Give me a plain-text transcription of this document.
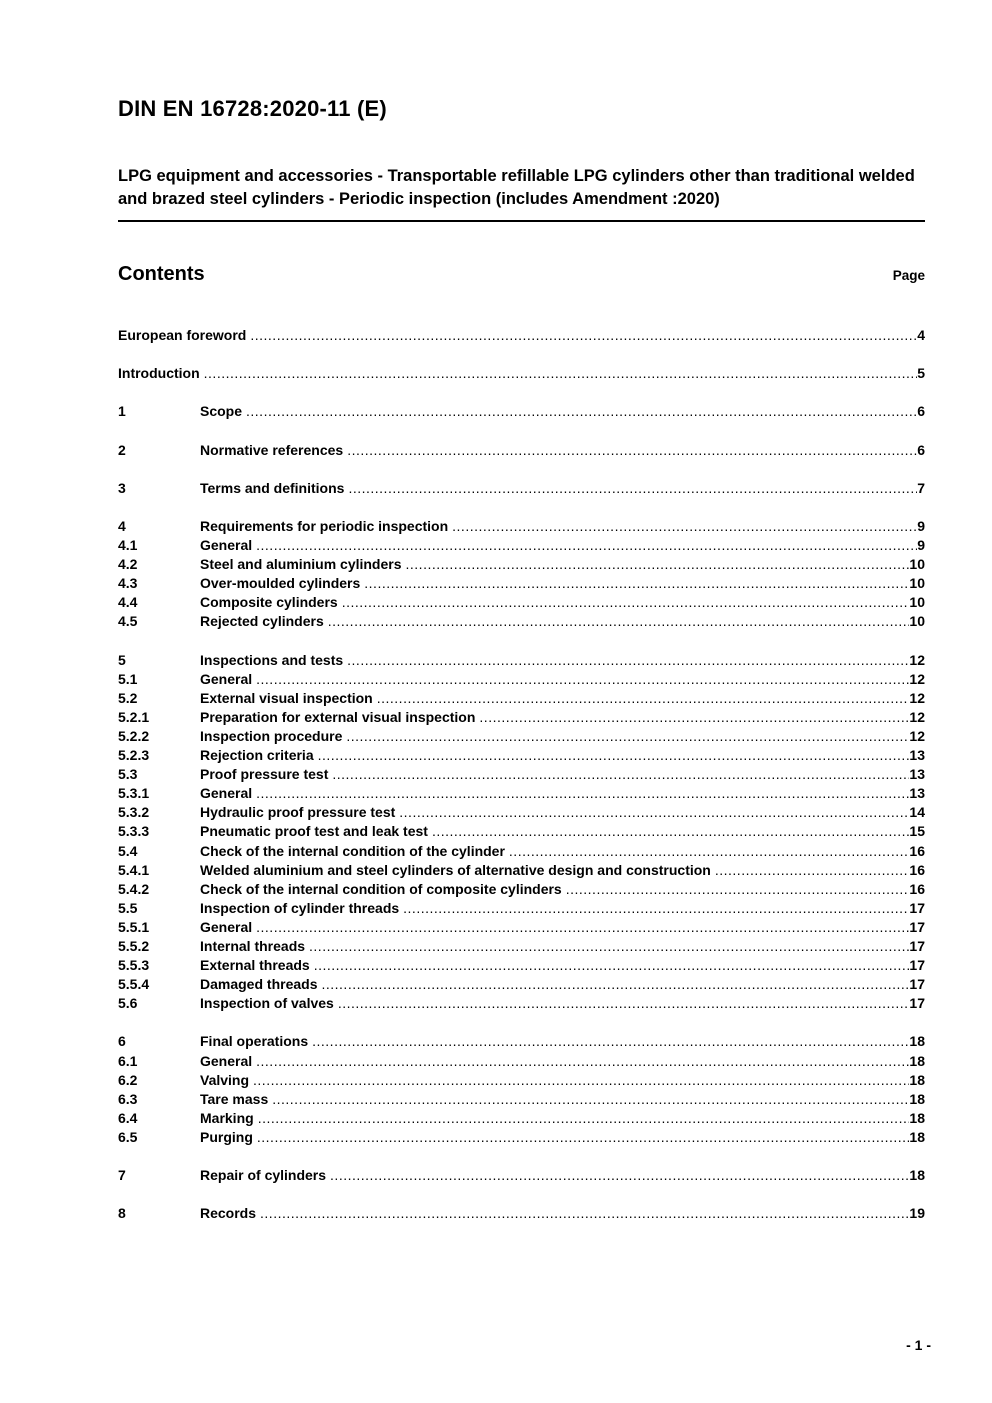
DIN EN 16728:2020-11 (E)
LPG equipment and accessories - Transportable refillable LPG cylinders other than traditional welded and brazed steel cylinders - Periodic inspection (includes Amendment :2020)
Contents	Page
European foreword .....	4
Introduction .....	5
1	Scope .....	6
2	Normative references .....	6
3	Terms and definitions .....	7
4	Requirements for periodic inspection .....	9
4.1	General .....	9
4.2	Steel and aluminium cylinders .....	10
4.3	Over-moulded cylinders .....	10
4.4	Composite cylinders .....	10
4.5	Rejected cylinders .....	10
5	Inspections and tests .....	12
5.1	General .....	12
5.2	External visual inspection .....	12
5.2.1	Preparation for external visual inspection .....	12
5.2.2	Inspection procedure .....	12
5.2.3	Rejection criteria .....	13
5.3	Proof pressure test .....	13
5.3.1	General .....	13
5.3.2	Hydraulic proof pressure test .....	14
5.3.3	Pneumatic proof test and leak test .....	15
5.4	Check of the internal condition of the cylinder .....	16
5.4.1	Welded aluminium and steel cylinders of alternative design and construction .....	16
5.4.2	Check of the internal condition of composite cylinders .....	16
5.5	Inspection of cylinder threads .....	17
5.5.1	General .....	17
5.5.2	Internal threads .....	17
5.5.3	External threads .....	17
5.5.4	Damaged threads .....	17
5.6	Inspection of valves .....	17
6	Final operations .....	18
6.1	General .....	18
6.2	Valving .....	18
6.3	Tare mass .....	18
6.4	Marking .....	18
6.5	Purging .....	18
7	Repair of cylinders .....	18
8	Records .....	19
- 1 -
